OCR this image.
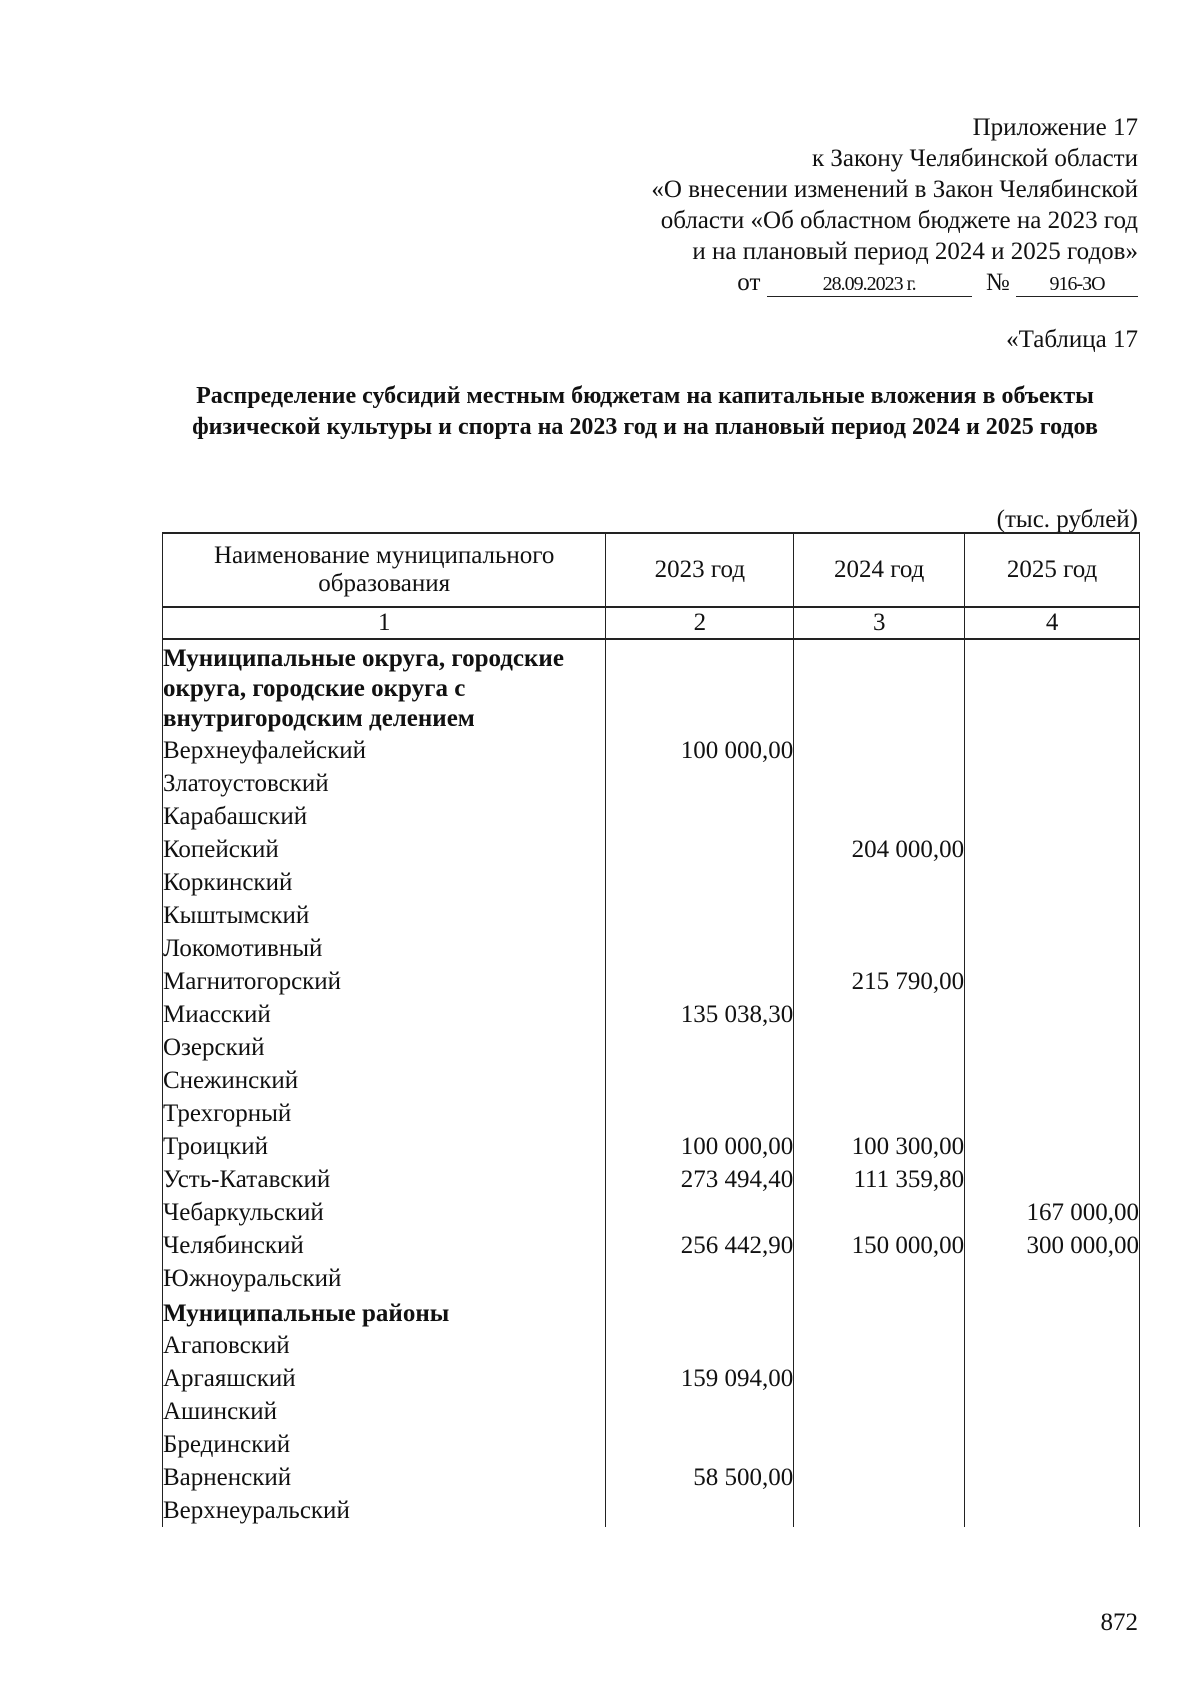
Приложение 17
к Закону Челябинской области
«О внесении изменений в Закон Челябинской
области «Об областном бюджете на 2023 год
и на плановый период 2024 и 2025 годов»
от	28.09.2023 г.	№ 916-ЗО
«Таблица 17
Распределение субсидий местным бюджетам на капитальные вложения в объекты физической культуры и спорта на 2023 год и на плановый период 2024 и 2025 годов
(тыс. рублей)
Наименование муниципального образования	2023 год	2024 год	2025 год
1	2	3	4
Муниципальные округа, городские округа, городские округа с внутригородским делением			
Верхнеуфалейский	100 000,00		
Златоустовский			
Карабашский			
Копейский		204 000,00	
Коркинский			
Кыштымский			
Локомотивный			
Магнитогорский		215 790,00	
Миасский	135 038,30		
Озерский			
Снежинский			
Трехгорный			
Троицкий	100 000,00	100 300,00	
Усть-Катавский	273 494,40	111 359,80	
Чебаркульский			167 000,00
Челябинский	256 442,90	150 000,00	300 000,00
Южноуральский			
Муниципальные районы			
Агаповский			
Аргаяшский	159 094,00		
Ашинский			
Брединский			
Варненский	58 500,00		
Верхнеуральский			
872
